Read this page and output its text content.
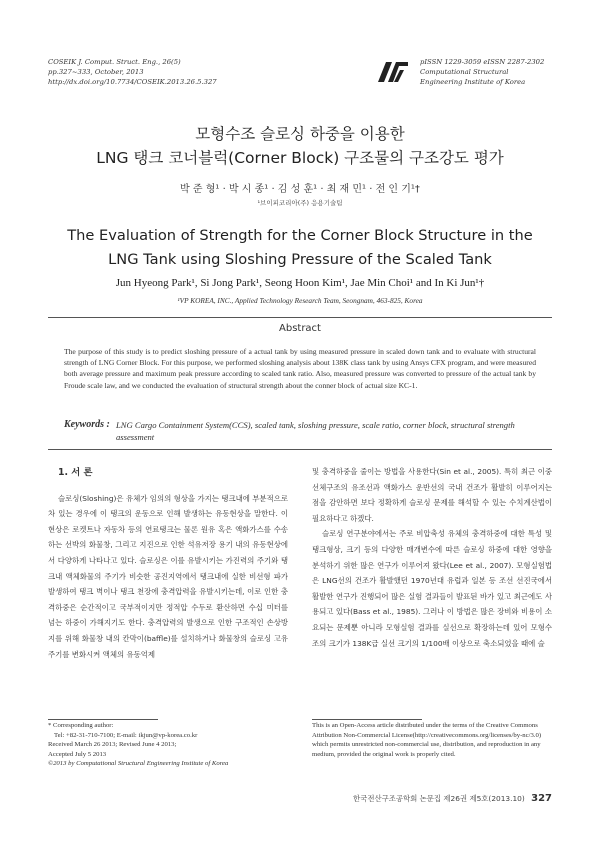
COSEIK J. Comput. Struct. Eng., 26(5)
pp.327~333, October, 2013
http://dx.doi.org/10.7734/COSEIK.2013.26.5.327
pISSN 1229-3059 eISSN 2287-2302
Computational Structural
Engineering Institute of Korea
모형수조 슬로싱 하중을 이용한
LNG 탱크 코너블럭(Corner Block) 구조물의 구조강도 평가
박 준 형¹ · 박 시 종¹ · 김 성 훈¹ · 최 재 민¹ · 전 인 기¹†
¹브이피코리아(주) 응용기술팀
The Evaluation of Strength for the Corner Block Structure in the
LNG Tank using Sloshing Pressure of the Scaled Tank
Jun Hyeong Park¹, Si Jong Park¹, Seong Hoon Kim¹, Jae Min Choi¹ and In Ki Jun¹†
¹VP KOREA, INC., Applied Technology Research Team, Seongnam, 463-825, Korea
Abstract
The purpose of this study is to predict sloshing pressure of a actual tank by using measured pressure in scaled down tank and to evaluate with structural strength of LNG Corner Block. For this purpose, we performed sloshing analysis about 138K class tank by using Ansys CFX program, and were measured both average pressure and maximum peak pressure according to scaled tank ratio. Also, measured pressure was converted to pressure of the actual tank by Froude scale law, and we conducted the evaluation of structural strength about the conner block of actual size KC-1.
Keywords : LNG Cargo Containment System(CCS), scaled tank, sloshing pressure, scale ratio, corner block, structural strength assessment
1. 서 론

슬로싱(Sloshing)은 유체가 임의의 형상을 가지는 탱크내에 부분적으로 차 있는 경우에 이 탱크의 운동으로 인해 발생하는 유동현상을 말한다. 이 현상은 로켓트나 자동차 등의 연료탱크는 물론 원유 혹은 액화가스를 수송하는 선박의 화물창, 그리고 지진으로 인한 석유저장 용기 내의 유동현상에서 다양하게 나타나고 있다. 슬로싱은 이를 유발시키는 가진력의 주기와 탱크내 액체화물의 주기가 비슷한 공진지역에서 탱크내에 실한 비선형 파가 발생하여 탱크 벽이나 탱크 천장에 충격압력을 유발시키는데, 이로 인한 충격하중은 순간적이고 국부적이지만 정적압 수두로 환산하면 수십 미터를 넘는 하중이 가해지기도 한다. 충격압력의 발생으로 인한 구조적인 손상방지를 위해 화물창 내의 칸막이(baffle)를 설치하거나 화물창의 슬로싱 고유주기를 변화시켜 액체의 유동억제

및 충격하중을 줄이는 방법을 사용한다(Sin et al., 2005). 특히 최근 이중 선체구조의 유조선과 액화가스 운반선의 국내 건조가 활발히 이루어지는 점을 감안하면 보다 정확하게 슬로싱 문제를 해석할 수 있는 수치계산법이 필요하다고 하겠다.

슬로싱 연구분야에서는 주로 비압축성 유체의 충격하중에 대한 특성 및 탱크형상, 크기 등의 다양한 매개변수에 따른 슬로싱 하중에 대한 영향을 분석하기 위한 많은 연구가 이루어져 왔다(Lee et al., 2007). 모형실험법은 LNG선의 건조가 활발했던 1970년대 유럽과 일본 등 조선 선진국에서 활발한 연구가 진행되어 많은 실험 결과들이 발표된 바가 있고 최근에도 사용되고 있다(Bass et al., 1985). 그러나 이 방법은 많은 장비와 비용이 소요되는 문제뿐 아니라 모형실험 결과를 실선으로 확장하는데 있어 모형수조의 크기가 138K급 실선 크기의 1/100배 이상으로 축소되었을 때에 슬

* Corresponding author:
Tel: +82-31-710-7100; E-mail: ikjun@vp-korea.co.kr
Received March 26 2013; Revised June 4 2013;
Accepted July 5 2013
©2013 by Computational Structural Engineering Institute of Korea
This is an Open-Access article distributed under the terms of the Creative Commons Attribution Non-Commercial License(http://creativecommons.org/licenses/by-nc/3.0) which permits unrestricted non-commercial use, distribution, and reproduction in any medium, provided the original work is properly cited.
한국전산구조공학회 논문집 제26권 제5호(2013.10) 327
